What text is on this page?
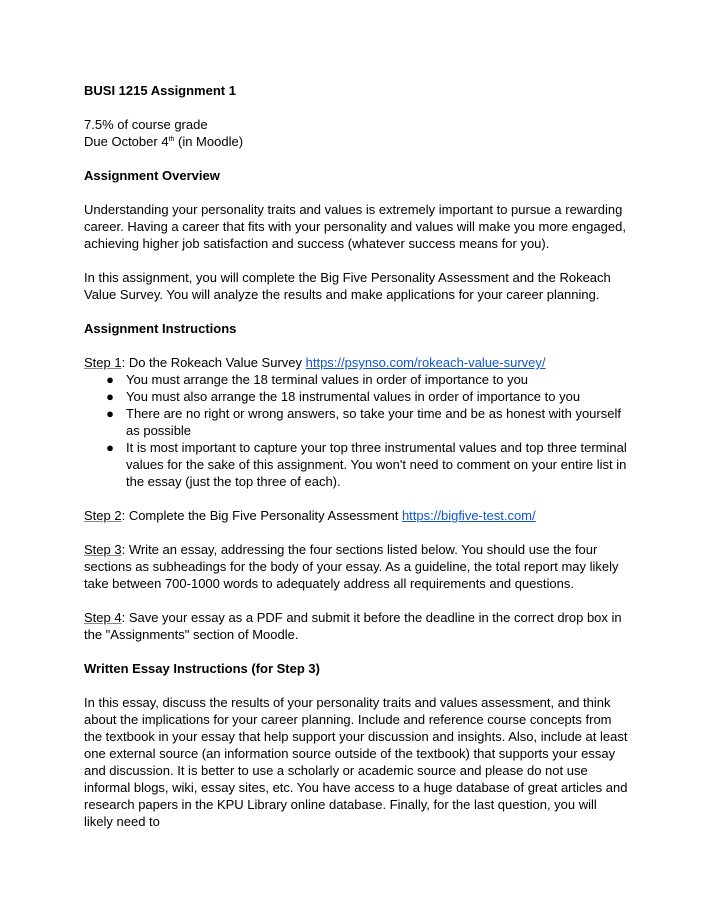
BUSI 1215 Assignment 1

7.5% of course grade
Due October 4th (in Moodle)

Assignment Overview

Understanding your personality traits and values is extremely important to pursue a rewarding career. Having a career that fits with your personality and values will make you more engaged, achieving higher job satisfaction and success (whatever success means for you).

In this assignment, you will complete the Big Five Personality Assessment and the Rokeach Value Survey. You will analyze the results and make applications for your career planning.

Assignment Instructions

Step 1: Do the Rokeach Value Survey https://psynso.com/rokeach-value-survey/

● You must arrange the 18 terminal values in order of importance to you
● You must also arrange the 18 instrumental values in order of importance to you
● There are no right or wrong answers, so take your time and be as honest with yourself as possible
● It is most important to capture your top three instrumental values and top three terminal values for the sake of this assignment. You won't need to comment on your entire list in the essay (just the top three of each).

Step 2: Complete the Big Five Personality Assessment https://bigfive-test.com/

Step 3: Write an essay, addressing the four sections listed below. You should use the four sections as subheadings for the body of your essay. As a guideline, the total report may likely take between 700-1000 words to adequately address all requirements and questions.

Step 4: Save your essay as a PDF and submit it before the deadline in the correct drop box in the "Assignments" section of Moodle.

Written Essay Instructions (for Step 3)

In this essay, discuss the results of your personality traits and values assessment, and think about the implications for your career planning. Include and reference course concepts from the textbook in your essay that help support your discussion and insights. Also, include at least one external source (an information source outside of the textbook) that supports your essay and discussion. It is better to use a scholarly or academic source and please do not use informal blogs, wiki, essay sites, etc. You have access to a huge database of great articles and research papers in the KPU Library online database. Finally, for the last question, you will likely need to
